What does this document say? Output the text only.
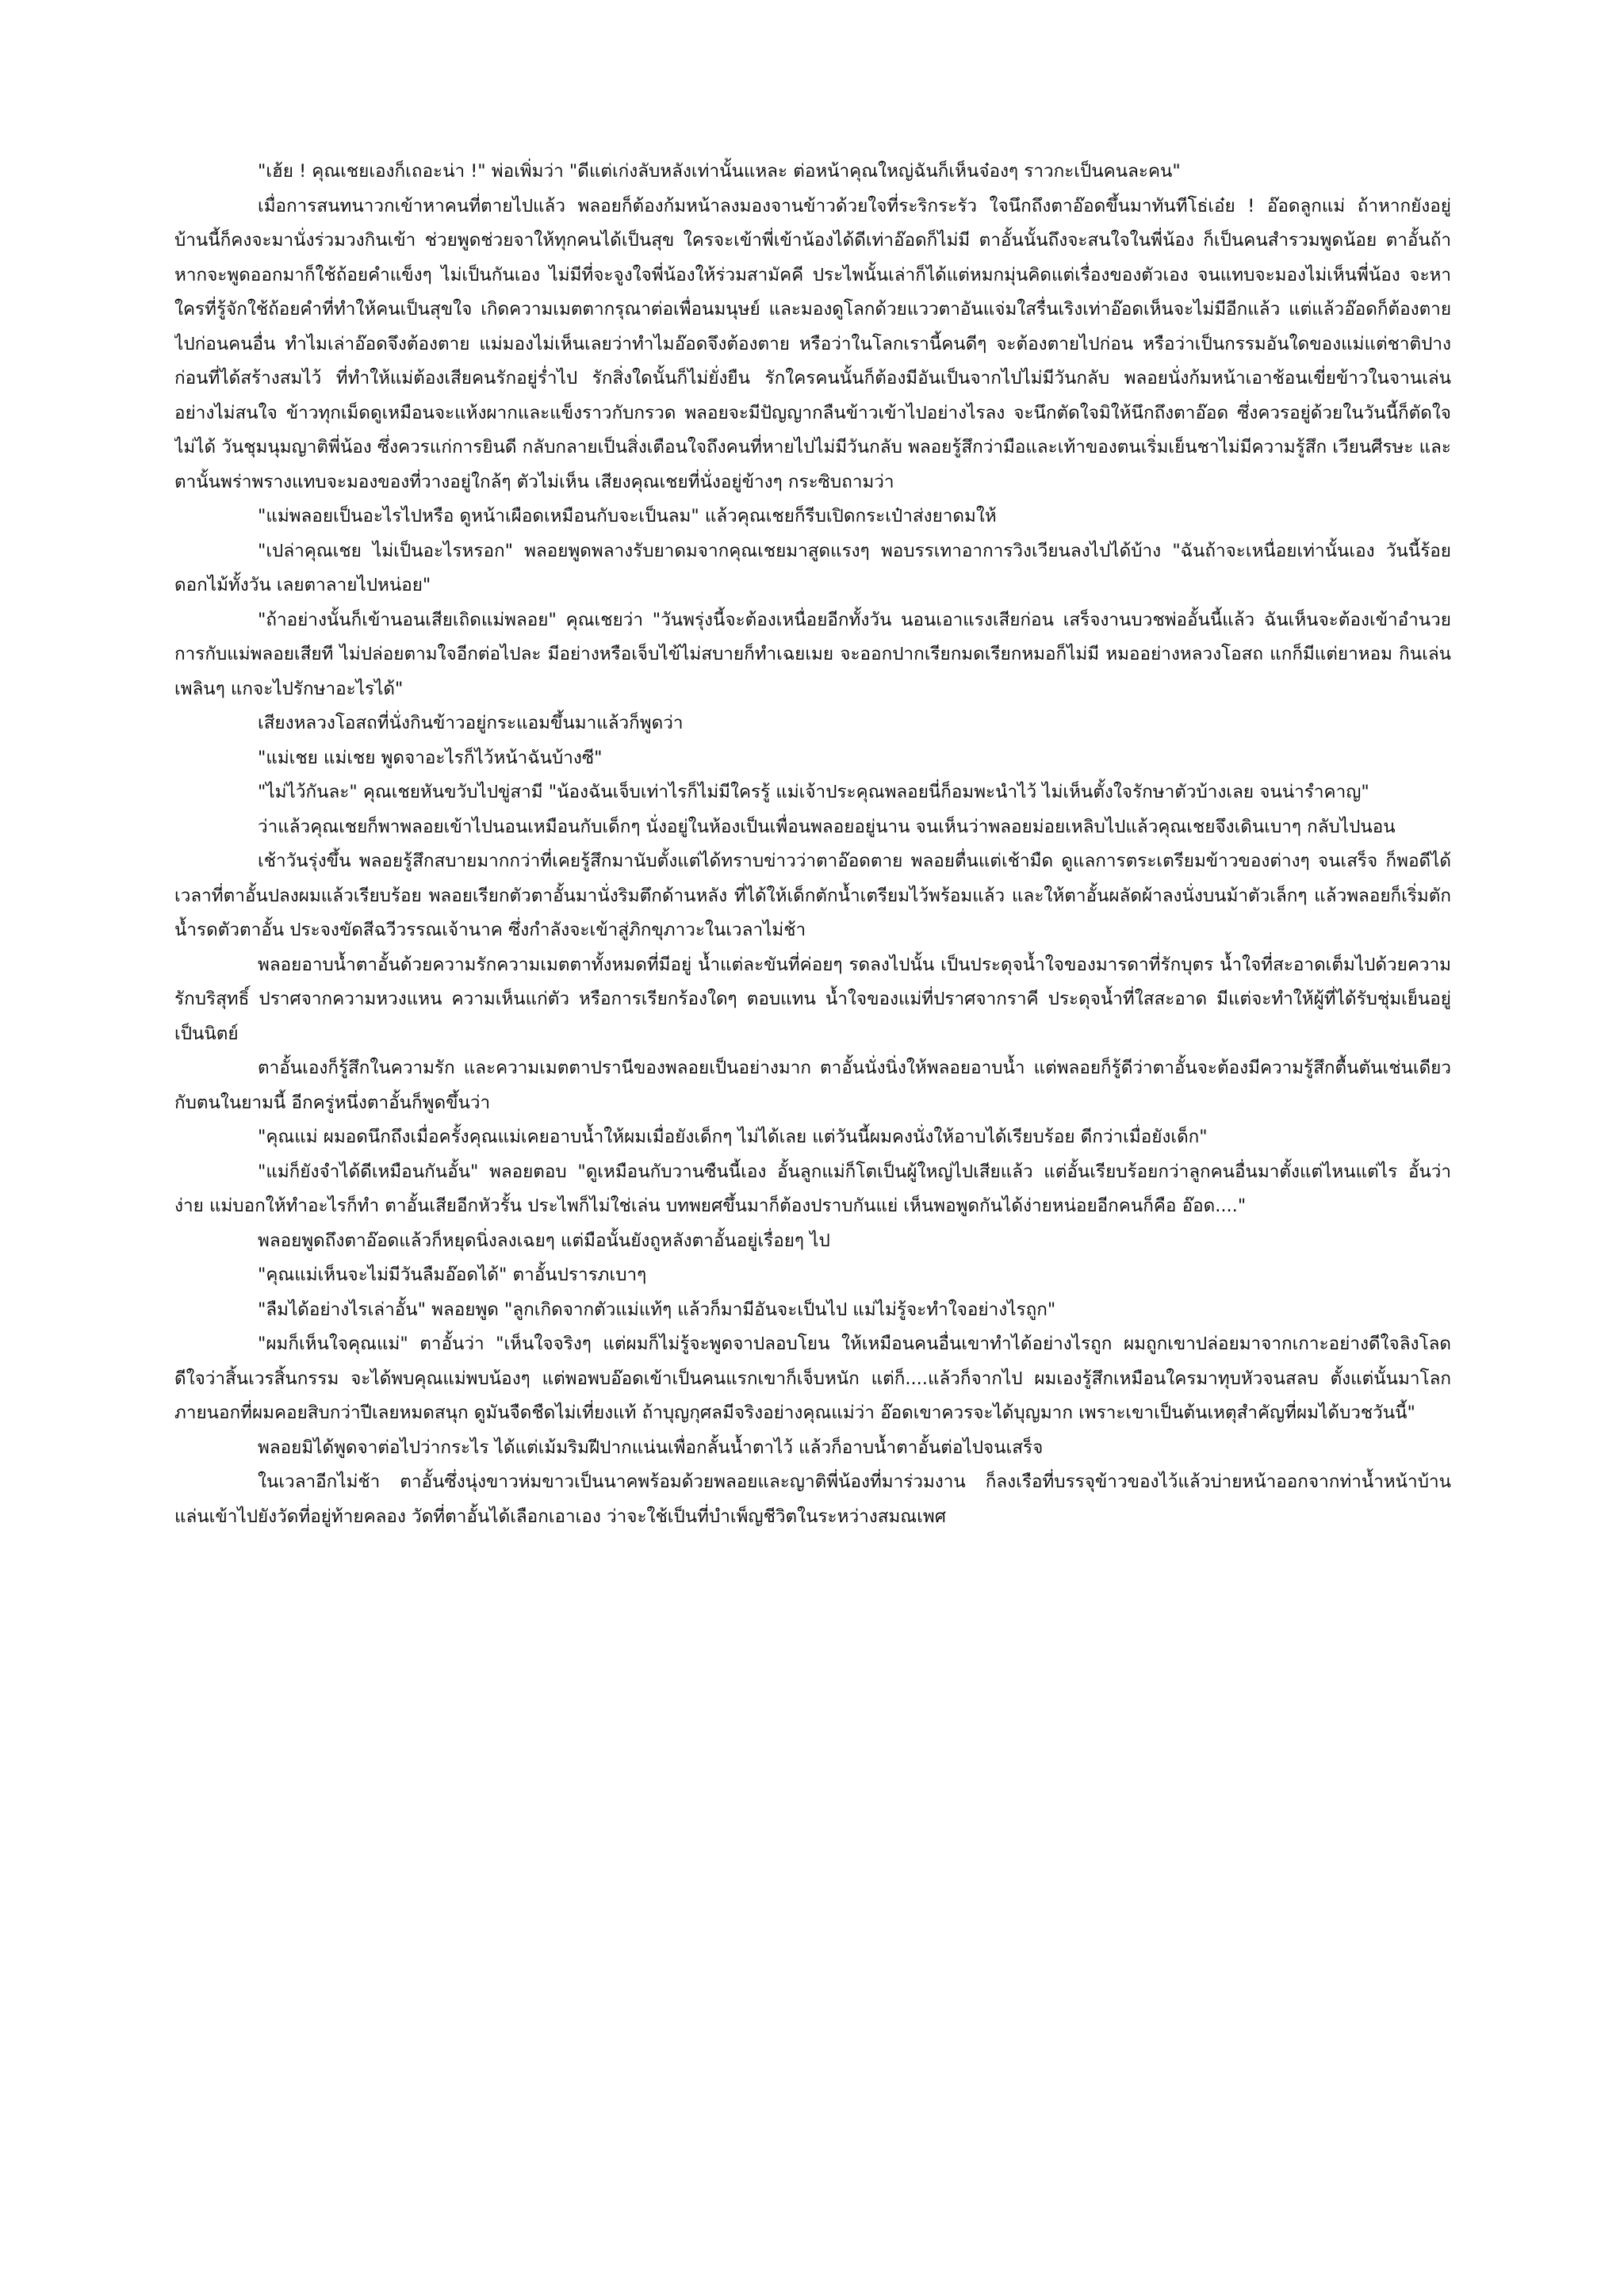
"เฮ้ย ! คุณเชยเองก็เถอะน่า !" พ่อเพิ่มว่า "ดีแต่เก่งลับหลังเท่านั้นแหละ ต่อหน้าคุณใหญ่ฉันก็เห็นจ๋องๆ ราวกะเป็นคนละคน"

เมื่อการสนทนาวกเข้าหาคนที่ตายไปแล้ว พลอยก็ต้องก้มหน้าลงมองจานข้าวด้วยใจที่ระริกระรัว ใจนึกถึงตาอ๊อดขึ้นมาทันทีโธ่เอ๋ย ! อ๊อดลูกแม่ ถ้าหากยังอยู่บ้านนี้ก็คงจะมานั่งร่วมวงกินเข้า ช่วยพูดช่วยจาให้ทุกคนได้เป็นสุข ใครจะเข้าพี่เข้าน้องได้ดีเท่าอ๊อดก็ไม่มี ตาอั้นนั้นถึงจะสนใจในพี่น้อง ก็เป็นคนสำรวมพูดน้อย ตาอั้นถ้าหากจะพูดออกมาก็ใช้ถ้อยคำแข็งๆ ไม่เป็นกันเอง ไม่มีที่จะจูงใจพี่น้องให้ร่วมสามัคคี ประไพนั้นเล่าก็ได้แต่หมกมุ่นคิดแต่เรื่องของตัวเอง จนแทบจะมองไม่เห็นพี่น้อง จะหาใครที่รู้จักใช้ถ้อยคำที่ทำให้คนเป็นสุขใจ เกิดความเมตตากรุณาต่อเพื่อนมนุษย์ และมองดูโลกด้วยแววตาอันแจ่มใสรื่นเริงเท่าอ๊อดเห็นจะไม่มีอีกแล้ว แต่แล้วอ๊อดก็ต้องตายไปก่อนคนอื่น ทำไมเล่าอ๊อดจึงต้องตาย แม่มองไม่เห็นเลยว่าทำไมอ๊อดจึงต้องตาย หรือว่าในโลกเรานี้คนดีๆ จะต้องตายไปก่อน หรือว่าเป็นกรรมอันใดของแม่แต่ชาติปางก่อนที่ได้สร้างสมไว้ ที่ทำให้แม่ต้องเสียคนรักอยู่ร่ำไป รักสิ่งใดนั้นก็ไม่ยั่งยืน รักใครคนนั้นก็ต้องมีอันเป็นจากไปไม่มีวันกลับ พลอยนั่งก้มหน้าเอาช้อนเขี่ยข้าวในจานเล่น อย่างไม่สนใจ ข้าวทุกเม็ดดูเหมือนจะแห้งผากและแข็งราวกับกรวด พลอยจะมีปัญญากลืนข้าวเข้าไปอย่างไรลง จะนึกตัดใจมิให้นึกถึงตาอ๊อด ซึ่งควรอยู่ด้วยในวันนี้ก็ตัดใจไม่ได้ วันชุมนุมญาติพี่น้อง ซึ่งควรแก่การยินดี กลับกลายเป็นสิ่งเตือนใจถึงคนที่หายไปไม่มีวันกลับ พลอยรู้สึกว่ามือและเท้าของตนเริ่มเย็นชาไม่มีความรู้สึก เวียนศีรษะ และตานั้นพร่าพรางแทบจะมองของที่วางอยู่ใกล้ๆ ตัวไม่เห็น เสียงคุณเชยที่นั่งอยู่ข้างๆ กระซิบถามว่า

"แม่พลอยเป็นอะไรไปหรือ ดูหน้าเผือดเหมือนกับจะเป็นลม" แล้วคุณเชยก็รีบเปิดกระเป๋าส่งยาดมให้

"เปล่าคุณเชย ไม่เป็นอะไรหรอก" พลอยพูดพลางรับยาดมจากคุณเชยมาสูดแรงๆ พอบรรเทาอาการวิงเวียนลงไปได้บ้าง "ฉันถ้าจะเหนื่อยเท่านั้นเอง วันนี้ร้อยดอกไม้ทั้งวัน เลยตาลายไปหน่อย"

"ถ้าอย่างนั้นก็เข้านอนเสียเถิดแม่พลอย" คุณเชยว่า "วันพรุ่งนี้จะต้องเหนื่อยอีกทั้งวัน นอนเอาแรงเสียก่อน เสร็จงานบวชพ่ออั้นนี้แล้ว ฉันเห็นจะต้องเข้าอำนวยการกับแม่พลอยเสียที ไม่ปล่อยตามใจอีกต่อไปละ มีอย่างหรือเจ็บไข้ไม่สบายก็ทำเฉยเมย จะออกปากเรียกมดเรียกหมอก็ไม่มี หมออย่างหลวงโอสถ แกก็มีแต่ยาหอม กินเล่นเพลินๆ แกจะไปรักษาอะไรได้"

เสียงหลวงโอสถที่นั่งกินข้าวอยู่กระแอมขึ้นมาแล้วก็พูดว่า

"แม่เชย แม่เชย พูดจาอะไรก็ไว้หน้าฉันบ้างซี"

"ไม่ไว้กันละ" คุณเชยหันขวับไปขู่สามี "น้องฉันเจ็บเท่าไรก็ไม่มีใครรู้ แม่เจ้าประคุณพลอยนี่ก็อมพะนำไว้ ไม่เห็นตั้งใจรักษาตัวบ้างเลย จนน่ารำคาญ"

ว่าแล้วคุณเชยก็พาพลอยเข้าไปนอนเหมือนกับเด็กๆ นั่งอยู่ในห้องเป็นเพื่อนพลอยอยู่นาน จนเห็นว่าพลอยม่อยเหลิบไปแล้วคุณเชยจึงเดินเบาๆ กลับไปนอน

เช้าวันรุ่งขึ้น พลอยรู้สึกสบายมากกว่าที่เคยรู้สึกมานับตั้งแต่ได้ทราบข่าวว่าตาอ๊อดตาย พลอยตื่นแต่เช้ามืด ดูแลการตระเตรียมข้าวของต่างๆ จนเสร็จ ก็พอดีได้เวลาที่ตาอั้นปลงผมแล้วเรียบร้อย พลอยเรียกตัวตาอั้นมานั่งริมตึกด้านหลัง ที่ได้ให้เด็กตักน้ำเตรียมไว้พร้อมแล้ว และให้ตาอั้นผลัดผ้าลงนั่งบนม้าตัวเล็กๆ แล้วพลอยก็เริ่มตักน้ำรดตัวตาอั้น ประจงขัดสีฉวีวรรณเจ้านาค ซึ่งกำลังจะเข้าสู่ภิกขุภาวะในเวลาไม่ช้า

พลอยอาบน้ำตาอั้นด้วยความรักความเมตตาทั้งหมดที่มีอยู่ น้ำแต่ละขันที่ค่อยๆ รดลงไปนั้น เป็นประดุจน้ำใจของมารดาที่รักบุตร น้ำใจที่สะอาดเต็มไปด้วยความรักบริสุทธิ์ ปราศจากความหวงแหน ความเห็นแก่ตัว หรือการเรียกร้องใดๆ ตอบแทน น้ำใจของแม่ที่ปราศจากราคี ประดุจน้ำที่ใสสะอาด มีแต่จะทำให้ผู้ที่ได้รับชุ่มเย็นอยู่เป็นนิตย์

ตาอั้นเองก็รู้สึกในความรัก และความเมตตาปรานีของพลอยเป็นอย่างมาก ตาอั้นนั่งนิ่งให้พลอยอาบน้ำ แต่พลอยก็รู้ดีว่าตาอั้นจะต้องมีความรู้สึกตื้นตันเช่นเดียวกับตนในยามนี้ อีกครู่หนึ่งตาอั้นก็พูดขึ้นว่า

"คุณแม่ ผมอดนึกถึงเมื่อครั้งคุณแม่เคยอาบน้ำให้ผมเมื่อยังเด็กๆ ไม่ได้เลย แต่วันนี้ผมคงนั่งให้อาบได้เรียบร้อย ดีกว่าเมื่อยังเด็ก"

"แม่ก็ยังจำได้ดีเหมือนกันอั้น" พลอยตอบ "ดูเหมือนกับวานซืนนี้เอง อั้นลูกแม่ก็โตเป็นผู้ใหญ่ไปเสียแล้ว แต่อั้นเรียบร้อยกว่าลูกคนอื่นมาตั้งแต่ไหนแต่ไร อั้นว่าง่าย แม่บอกให้ทำอะไรก็ทำ ตาอั้นเสียอีกหัวรั้น ประไพก็ไม่ใช่เล่น บทพยศขึ้นมาก็ต้องปราบกันแย่ เห็นพอพูดกันได้ง่ายหน่อยอีกคนก็คือ อ๊อด...."

พลอยพูดถึงตาอ๊อดแล้วก็หยุดนิ่งลงเฉยๆ แต่มือนั้นยังถูหลังตาอั้นอยู่เรื่อยๆ ไป

"คุณแม่เห็นจะไม่มีวันลืมอ๊อดได้" ตาอั้นปรารภเบาๆ

"ลืมได้อย่างไรเล่าอั้น" พลอยพูด "ลูกเกิดจากตัวแม่แท้ๆ แล้วก็มามีอันจะเป็นไป แม่ไม่รู้จะทำใจอย่างไรถูก"

"ผมก็เห็นใจคุณแม่" ตาอั้นว่า "เห็นใจจริงๆ แต่ผมก็ไม่รู้จะพูดจาปลอบโยน ให้เหมือนคนอื่นเขาทำได้อย่างไรถูก ผมถูกเขาปล่อยมาจากเกาะอย่างดีใจลิงโลด ดีใจว่าสิ้นเวรสิ้นกรรม จะได้พบคุณแม่พบน้องๆ แต่พอพบอ๊อดเข้าเป็นคนแรกเขาก็เจ็บหนัก แต่ก็....แล้วก็จากไป ผมเองรู้สึกเหมือนใครมาทุบหัวจนสลบ ตั้งแต่นั้นมาโลกภายนอกที่ผมคอยสิบกว่าปีเลยหมดสนุก ดูมันจืดชืดไม่เที่ยงแท้ ถ้าบุญกุศลมีจริงอย่างคุณแม่ว่า อ๊อดเขาควรจะได้บุญมาก เพราะเขาเป็นต้นเหตุสำคัญที่ผมได้บวชวันนี้"

พลอยมิได้พูดจาต่อไปว่ากระไร ได้แต่เม้มริมฝีปากแน่นเพื่อกลั้นน้ำตาไว้ แล้วก็อาบน้ำตาอั้นต่อไปจนเสร็จ

ในเวลาอีกไม่ช้า ตาอั้นซึ่งนุ่งขาวห่มขาวเป็นนาคพร้อมด้วยพลอยและญาติพี่น้องที่มาร่วมงาน ก็ลงเรือที่บรรจุข้าวของไว้แล้วบ่ายหน้าออกจากท่าน้ำหน้าบ้าน แล่นเข้าไปยังวัดที่อยู่ท้ายคลอง วัดที่ตาอั้นได้เลือกเอาเอง ว่าจะใช้เป็นที่บำเพ็ญชีวิตในระหว่างสมณเพศ
